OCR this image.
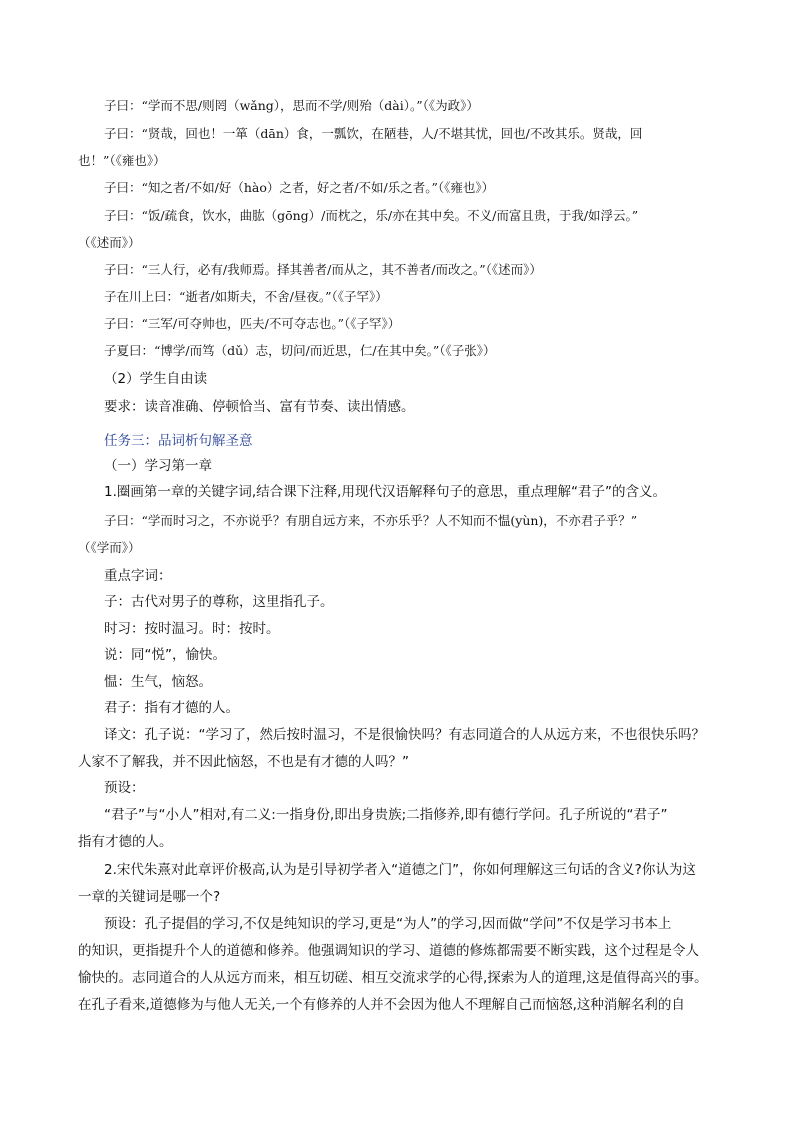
子曰：“学而不思/则罔（wǎng），思而不学/则殆（dài）。”（《为政》）
子曰：“贤哉，回也！一箪（dān）食，一瓢饮，在陋巷，人/不堪其忧，回也/不改其乐。贤哉，回
也！”（《雍也》）
子曰：“知之者/不如/好（hào）之者，好之者/不如/乐之者。”（《雍也》）
子曰：“饭/疏食，饮水，曲肱（gōng）/而枕之，乐/亦在其中矣。不义/而富且贵，于我/如浮云。”
（《述而》）
子曰：“三人行，必有/我师焉。择其善者/而从之，其不善者/而改之。”（《述而》）
子在川上曰：“逝者/如斯夫，不舍/昼夜。”（《子罕》）
子曰：“三军/可夺帅也，匹夫/不可夺志也。”（《子罕》）
子夏曰：“博学/而笃（dǔ）志，切问/而近思，仁/在其中矣。”（《子张》）
（2）学生自由读
要求：读音准确、停顿恰当、富有节奏、读出情感。
任务三：品词析句解圣意
（一）学习第一章
1.圈画第一章的关键字词,结合课下注释,用现代汉语解释句子的意思，重点理解“君子”的含义。
子曰：“学而时习之，不亦说乎？有朋自远方来，不亦乐乎？人不知而不愠(yùn)，不亦君子乎？”
（《学而》）
重点字词：
子：古代对男子的尊称，这里指孔子。
时习：按时温习。时：按时。
说：同“悦”，愉快。
愠：生气，恼怒。
君子：指有才德的人。
译文：孔子说：“学习了，然后按时温习，不是很愉快吗？有志同道合的人从远方来，不也很快乐吗？
人家不了解我，并不因此恼怒，不也是有才德的人吗？”
预设：
“君子”与“小人”相对,有二义:一指身份,即出身贵族;二指修养,即有德行学问。孔子所说的“君子”
指有才德的人。
2.宋代朱熹对此章评价极高,认为是引导初学者入“道德之门”，你如何理解这三句话的含义?你认为这
一章的关键词是哪一个?
预设：孔子提倡的学习,不仅是纯知识的学习,更是“为人”的学习,因而做“学问”不仅是学习书本上
的知识，更指提升个人的道德和修养。他强调知识的学习、道德的修炼都需要不断实践，这个过程是令人
愉快的。志同道合的人从远方而来，相互切磋、相互交流求学的心得,探索为人的道理,这是值得高兴的事。
在孔子看来,道德修为与他人无关,一个有修养的人并不会因为他人不理解自己而恼怒,这种消解名利的自
